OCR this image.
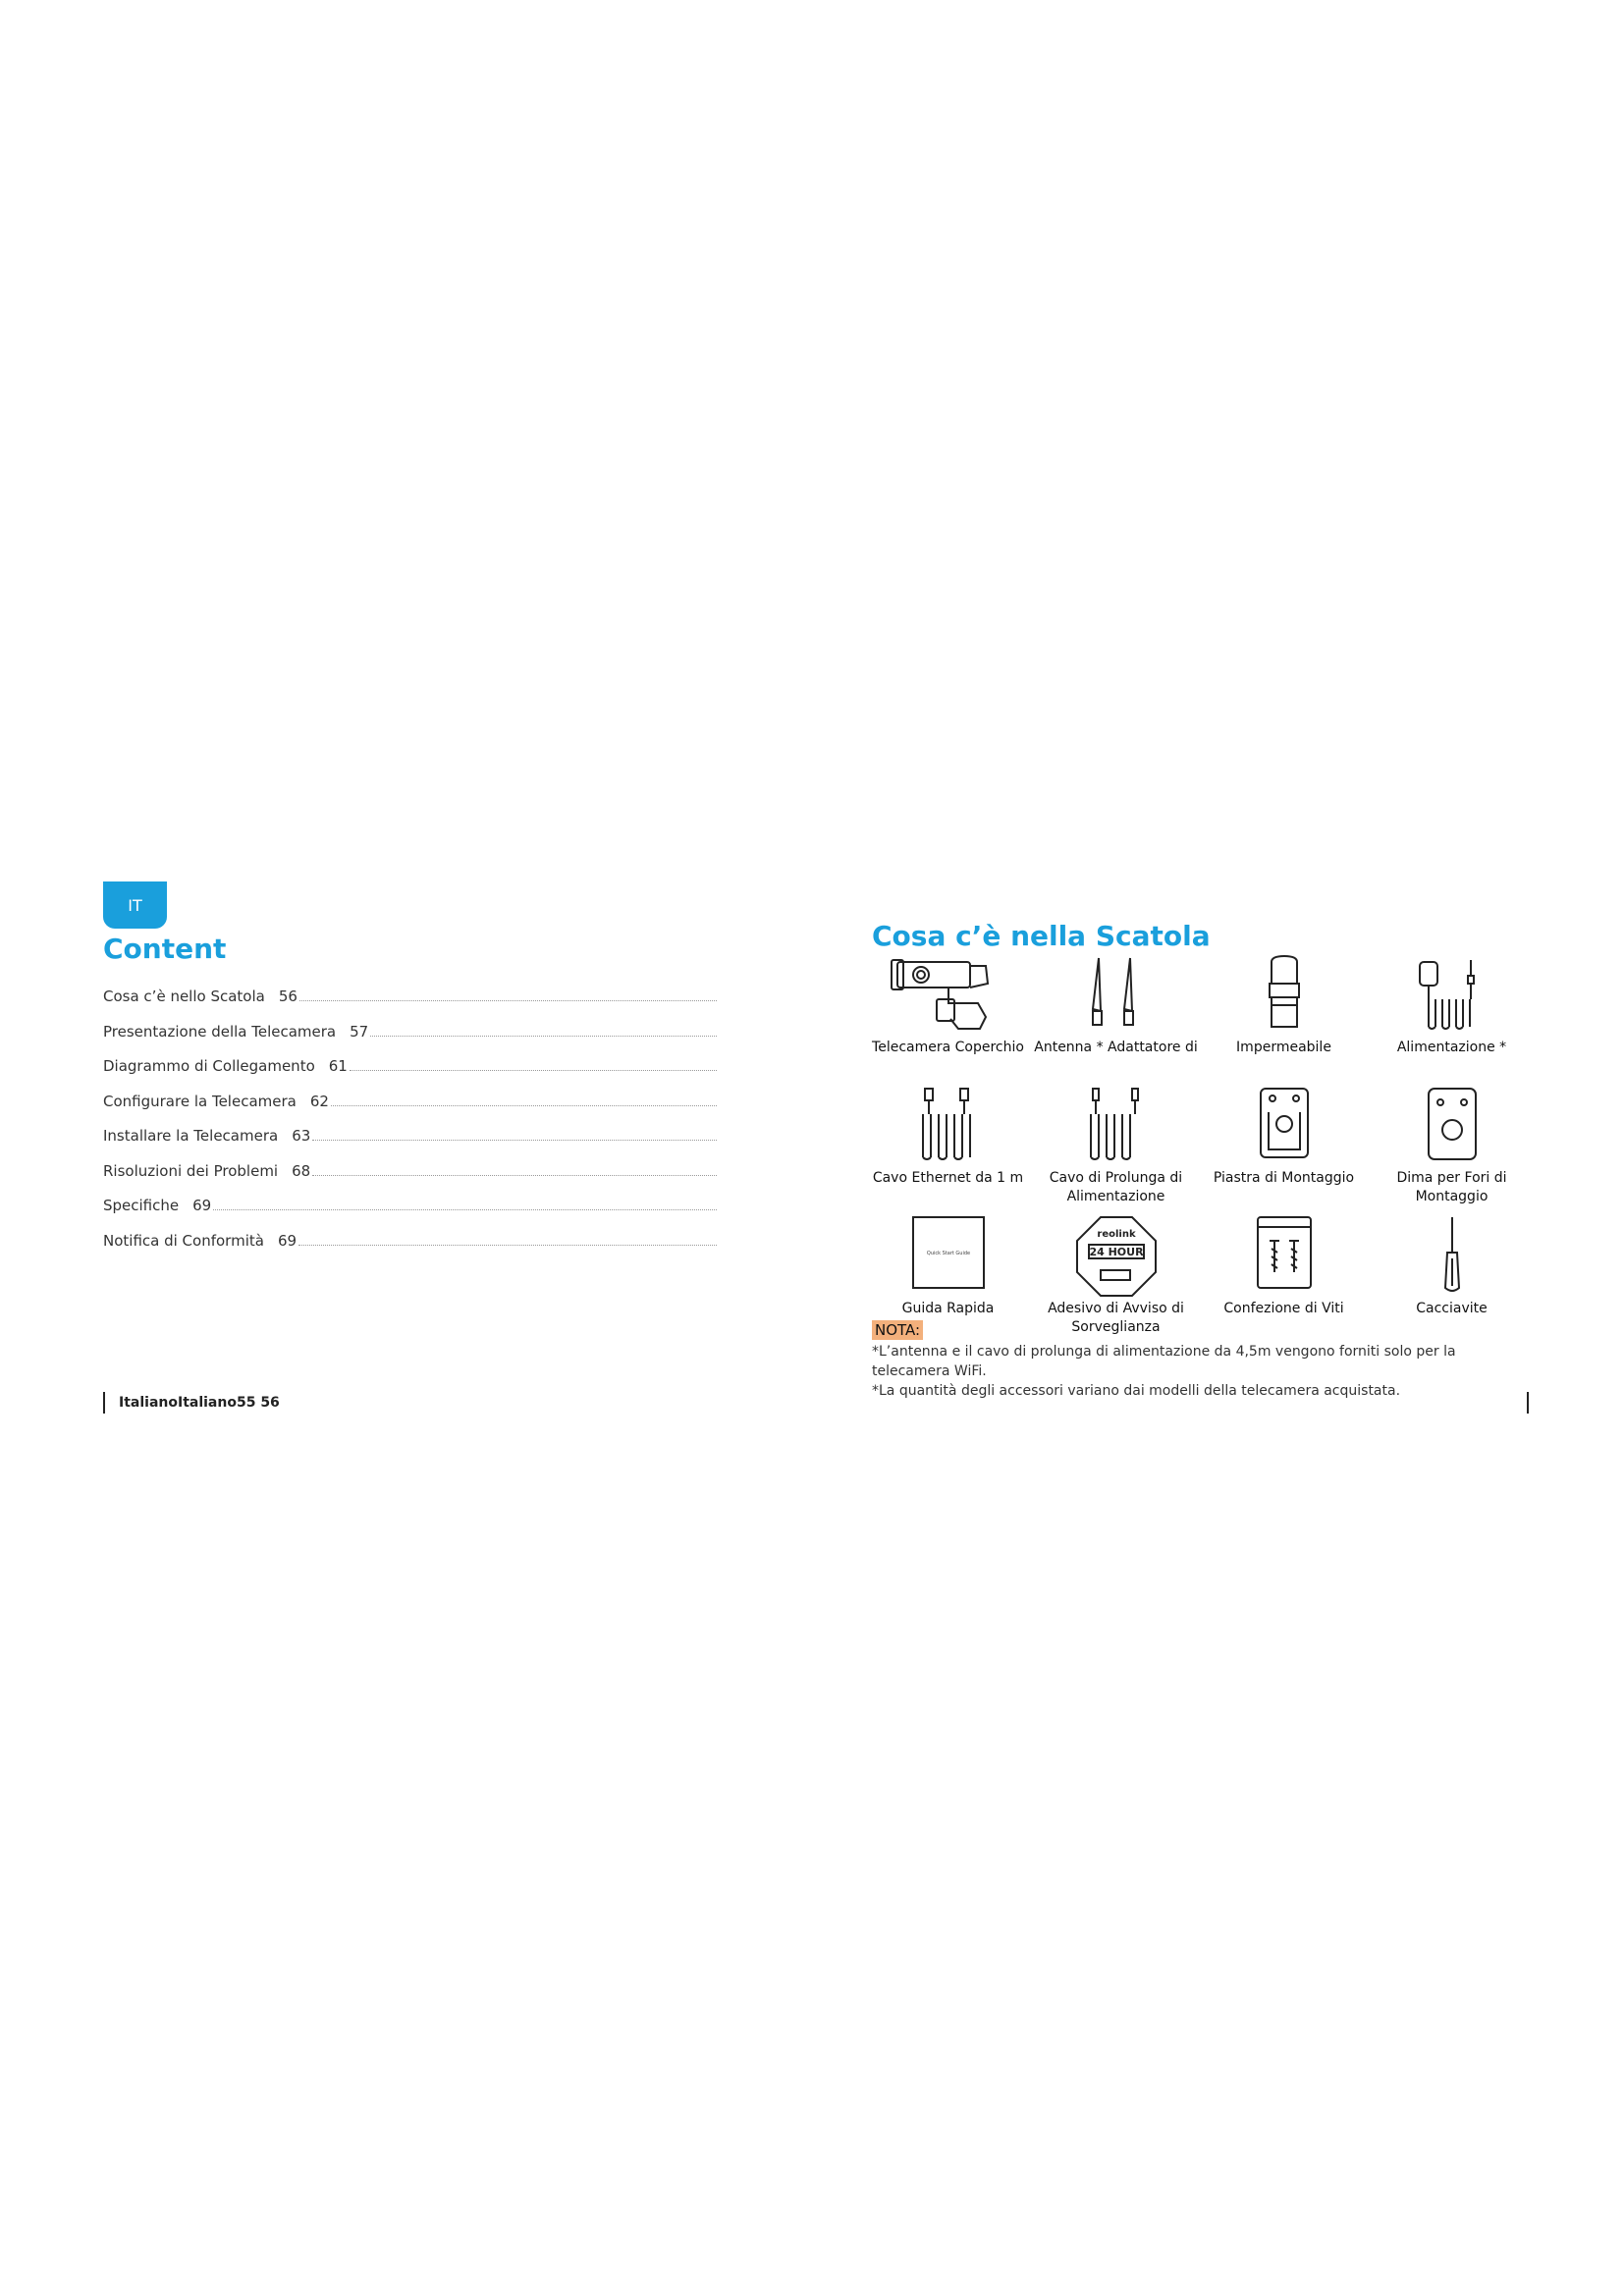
IT
Content
Cosa c’è nello Scatola 56
Presentazione della Telecamera 57
Diagrammo di Collegamento 61
Configurare la Telecamera 62
Installare la Telecamera 63
Risoluzioni dei Problemi 68
Specifiche 69
Notifica di Conformità 69
ItalianoItaliano55 56
Cosa c’è nella Scatola
Telecamera Coperchio Antenna * Adattatore di	Impermeabile	Alimentazione *
Cavo Ethernet da 1 m	Cavo di Prolunga di Alimentazione
Piastra di Montaggio	Dima per Fori di Montaggio
Quick Start Guide
Guida Rapida
reolink
24 HOUR
Adesivo di Avviso di Sorveglianza
Confezione di Viti	Cacciavite
NOTA:

*L’antenna e il cavo di prolunga di alimentazione da 4,5m vengono forniti solo per la telecamera WiFi.

*La quantità degli accessori variano dai modelli della telecamera acquistata.
